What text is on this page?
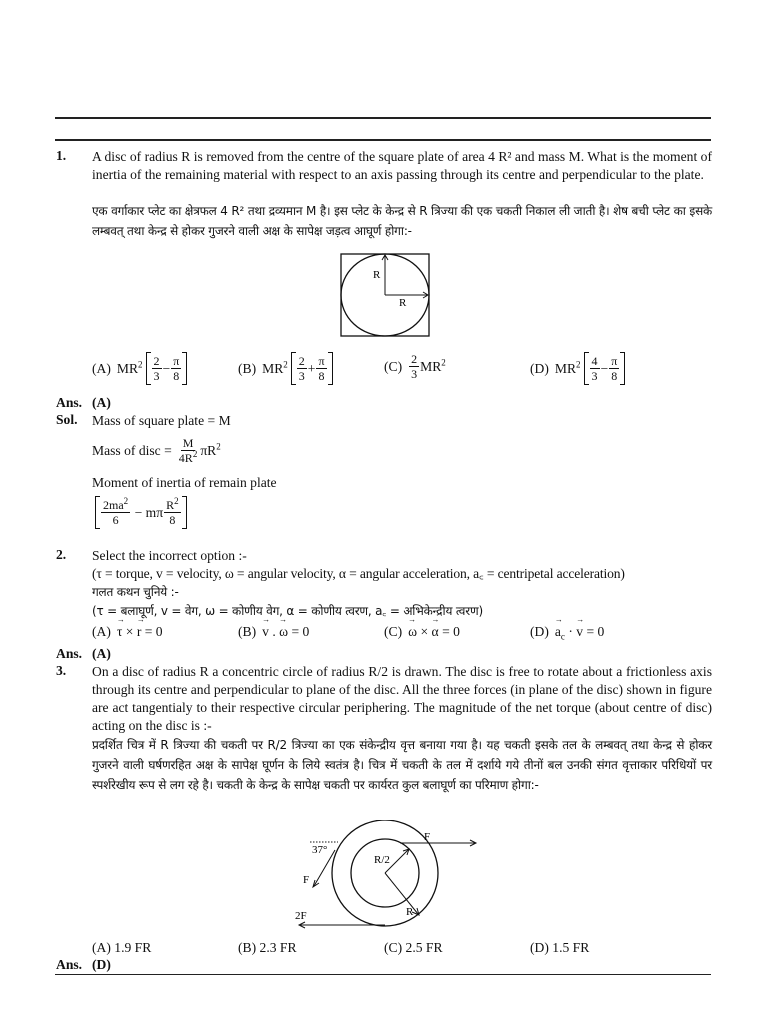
1. A disc of radius R is removed from the centre of the square plate of area 4 R² and mass M. What is the moment of inertia of the remaining material with respect to an axis passing through its centre and perpendicular to the plate.
एक वर्गाकार प्लेट का क्षेत्रफल 4 R² तथा द्रव्यमान M है। इस प्लेट के केन्द्र से R त्रिज्या की एक चकती निकाल ली जाती है। शेष बची प्लेट का इसके लम्बवत् तथा केन्द्र से होकर गुजरने वाली अक्ष के सापेक्ष जड़त्व आघूर्ण होगा:-
R
R
(A) $MR^2 \frac{2}{3} - \frac{\pi}{8}$	(B) $MR^2 \frac{2}{3} + \frac{\pi}{8}$	$(C) \frac{2}{3} MR^2$	(D) $MR^2 \frac{4}{3} - \frac{\pi}{8}$
Ans. (A)
Sol. Mass of square plate = M
Mass of disc = $\frac{M}{4R^2} \pi R^2$
Moment of inertia of remain plate
$\frac{2ma^2}{6} - m\pi \frac{R^2}{8}$
2. Select the incorrect option :-
(τ = torque, v = velocity, ω = angular velocity, α = angular acceleration, a꜀ = centripetal acceleration)
गलत कथन चुनिये :-
(τ = बलाघूर्ण, v = वेग, ω = कोणीय वेग, α = कोणीय त्वरण, a꜀ = अभिकेन्द्रीय त्वरण)
(A)
→ τ × → r = 0	(B)
→ v . → ω = 0	(C)
→ ω × → α = 0	(D)
→ $a_c$ · → v = 0
Ans. (A)
3. On a disc of radius R a concentric circle of radius R/2 is drawn. The disc is free to rotate about a frictionless axis through its centre and perpendicular to plane of the disc. All the three forces (in plane of the disc) shown in figure are act tangentialy to their respective circular periphering. The magnitude of the net torque (about centre of disc) acting on the disc is :-
प्रदर्शित चित्र में R त्रिज्या की चकती पर R/2 त्रिज्या का एक संकेन्द्रीय वृत्त बनाया गया है। यह चकती इसके तल के लम्बवत् तथा केन्द्र से होकर गुजरने वाली घर्षणरहित अक्ष के सापेक्ष घूर्णन के लिये स्वतंत्र है। चित्र में चकती के तल में दर्शाये गये तीनों बल उनकी संगत वृत्ताकार परिधियों पर स्पर्शरेखीय रूप से लग रहे है। चकती के केन्द्र के सापेक्ष चकती पर कार्यरत कुल बलाघूर्ण का परिमाण होगा:-
F
F
2F
37°
R/2
R
(A) 1.9 FR	(B) 2.3 FR	(C) 2.5 FR	(D) 1.5 FR
Ans. (D)
